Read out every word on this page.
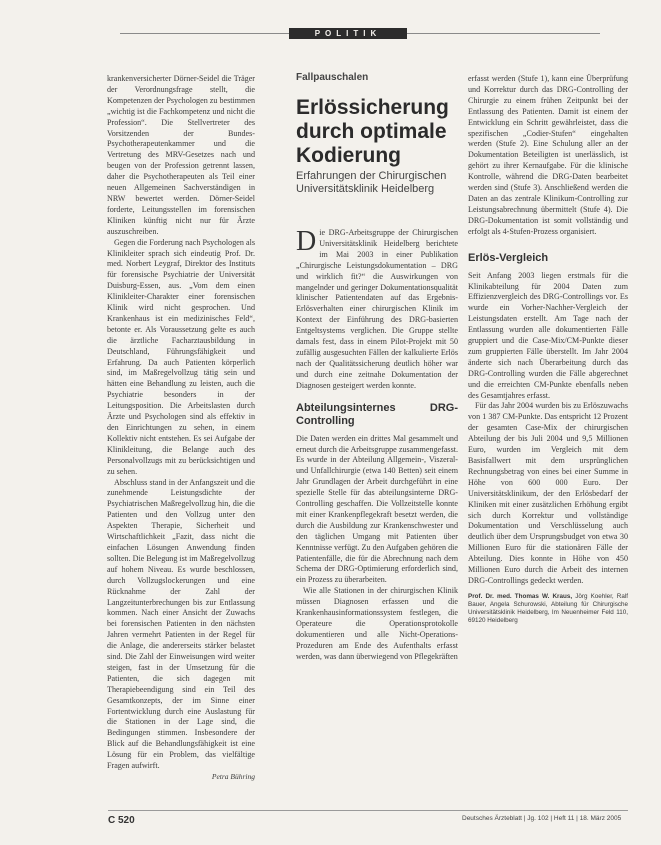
POLITIK

krankenversicherter Dörner-Seidel die Träger der Verordnungsfrage stellt, die Kompetenzen der Psychologen zu bestimmen „wichtig ist die Fachkompetenz und nicht die Profession“. Die Stellvertreter des Vorsitzenden der Bundes-Psychotherapeutenkammer und die Vertretung des MRV-Gesetzes nach und beugen von der Profession getrennt lassen, daher die Psychotherapeuten als Teil einer neuen Allgemeinen Sachverständigen in NRW bewertet werden. Dörner-Seidel forderte, Leitungsstellen im forensischen Kliniken künftig nicht nur für Ärzte auszuschreiben.

Gegen die Forderung nach Psychologen als Klinikleiter sprach sich eindeutig Prof. Dr. med. Norbert Leygraf, Direktor des Instituts für forensische Psychiatrie der Universität Duisburg-Essen, aus. „Vom dem einen Klinikleiter-Charakter einer forensischen Klinik wird nicht gesprochen. Und Krankenhaus ist ein medizinisches Feld“, betonte er. Als Voraussetzung gelte es auch die ärztliche Facharztausbildung in Deutschland, Führungsfähigkeit und Erfahrung. Da auch Patienten körperlich sind, im Maßregelvollzug tätig sein und hätten eine Behandlung zu leisten, auch die Psychiatrie besonders in der Leitungsposition. Die Arbeitslasten durch Ärzte und Psychologen sind als effektiv in den Einrichtungen zu sehen, in einem Kollektiv nicht entstehen. Es sei Aufgabe der Klinikleitung, die Belange auch des Personalvollzugs mit zu berücksichtigen und zu sehen.

Abschluss stand in der Anfangszeit und die zunehmende Leistungsdichte der Psychiatrischen Maßregelvollzug hin, die die Patienten und den Vollzug unter den Aspekten Therapie, Sicherheit und Wirtschaftlichkeit „Fazit, dass nicht die einfachen Lösungen Anwendung finden sollten. Die Belegung ist im Maßregelvollzug auf hohem Niveau. Es wurde beschlossen, durch Vollzugslockerungen und eine Rücknahme der Zahl der Langzeitunterbrechungen bis zur Entlassung kommen. Nach einer Ansicht der Zuwachs bei forensischen Patienten in den nächsten Jahren vermehrt Patienten in der Regel für die Anlage, die andererseits stärker belastet sind. Die Zahl der Einweisungen wird weiter steigen, fast in der Umsetzung für die Patienten, die sich dagegen mit Therapiebeendigung sind ein Teil des Gesamtkonzepts, der im Sinne einer Fortentwicklung durch eine Auslastung für die Stationen in der Lage sind, die Bedingungen stimmen. Insbesondere der Blick auf die Behandlungsfähigkeit ist eine Lösung für ein Problem, das vielfältige Fragen aufwirft.

Petra Bühring
Fallpauschalen
Erlössicherung durch optimale Kodierung
Erfahrungen der Chirurgischen Universitätsklinik Heidelberg

Die DRG-Arbeitsgruppe der Chirurgischen Universitätsklinik Heidelberg berichtete im Mai 2003 in einer Publikation „Chirurgische Leistungsdokumentation – DRG und wirklich fit?“ die Auswirkungen von mangelnder und geringer Dokumentationsqualität klinischer Patientendaten auf das Ergebnis-Erlösverhalten einer chirurgischen Klinik im Kontext der Einführung des DRG-basierten Entgeltsystems verglichen. Die Gruppe stellte damals fest, dass in einem Pilot-Projekt mit 50 zufällig ausgesuchten Fällen der kalkulierte Erlös nach der Qualitätssicherung deutlich höher war und durch eine zeitnahe Dokumentation der Diagnosen gesteigert werden konnte.

Abteilungsinternes DRG-Controlling

Die Daten werden ein drittes Mal gesammelt und erneut durch die Arbeitsgruppe zusammengefasst. Es wurde in der Abteilung Allgemein-, Viszeral- und Unfallchirurgie (etwa 140 Betten) seit einem Jahr Grundlagen der Arbeit durchgeführt in eine spezielle Stelle für das abteilungsinterne DRG-Controlling geschaffen. Die Vollzeitstelle konnte mit einer Krankenpflegekraft besetzt werden, die durch die Ausbildung zur Krankenschwester und den täglichen Umgang mit Patienten über Kenntnisse verfügt. Zu den Aufgaben gehören die Patientenfälle, die für die Abrechnung nach dem Schema der DRG-Optimierung erforderlich sind, ein Prozess zu überarbeiten.

Wie alle Stationen in der chirurgischen Klinik müssen Diagnosen erfassen und die Krankenhausinformationssystem festlegen, die Operateure die Operationsprotokolle dokumentieren und alle Nicht-Operations-Prozeduren am Ende des Aufenthalts erfasst werden, was dann überwiegend von Pflegekräften

erfasst werden (Stufe 1), kann eine Überprüfung und Korrektur durch das DRG-Controlling der Chirurgie zu einem frühen Zeitpunkt bei der Entlassung des Patienten. Damit ist einem der Entwicklung ein Schritt gewährleistet, dass die spezifischen „Codier-Stufen“ eingehalten werden (Stufe 2). Eine Schulung aller an der Dokumentation Beteiligten ist unerlässlich, ist gehört zu ihrer Kernaufgabe. Für die klinische Kontrolle, während die DRG-Daten bearbeitet werden sind (Stufe 3). Anschließend werden die Daten an das zentrale Klinikum-Controlling zur Leistungsabrechnung übermittelt (Stufe 4). Die DRG-Dokumentation ist somit vollständig und erfolgt als 4-Stufen-Prozess organisiert.

Erlös-Vergleich

Seit Anfang 2003 liegen erstmals für die Klinikabteilung für 2004 Daten zum Effizienzvergleich des DRG-Controllings vor. Es wurde ein Vorher-Nachher-Vergleich der Leistungsdaten erstellt. Am Tage nach der Entlassung wurden alle dokumentierten Fälle gruppiert und die Case-Mix/CM-Punkte dieser zum gruppierten Fälle überstellt. Im Jahr 2004 änderte sich nach Überarbeitung durch das DRG-Controlling wurden die Fälle abgerechnet und die erreichten CM-Punkte ebenfalls neben des Gesamtjahres erfasst.

Für das Jahr 2004 wurden bis zu Erlöszuwachs von 1 387 CM-Punkte. Das entspricht 12 Prozent der gesamten Case-Mix der chirurgischen Abteilung der bis Juli 2004 und 9,5 Millionen Euro, wurden im Vergleich mit dem Basisfallwert mit dem ursprünglichen Rechnungsbetrag von eines bei einer Summe in Höhe von 600 000 Euro. Der Universitätsklinikum, der den Erlösbedarf der Kliniken mit einer zusätzlichen Erhöhung ergibt sich durch Korrektur und vollständige Dokumentation und Verschlüsselung auch deutlich über dem Ursprungsbudget von etwa 30 Millionen Euro für die stationären Fälle der Abteilung. Dies konnte in Höhe von 450 Millionen Euro durch die Arbeit des internen DRG-Controllings gedeckt werden.

Prof. Dr. med. Thomas W. Kraus, Jörg Koehler, Ralf Bauer, Angela Schurowski, Abteilung für Chirurgische Universitätsklinik Heidelberg, Im Neuenheimer Feld 110, 69120 Heidelberg
C 520	Deutsches Ärzteblatt | Jg. 102 | Heft 11 | 18. März 2005
